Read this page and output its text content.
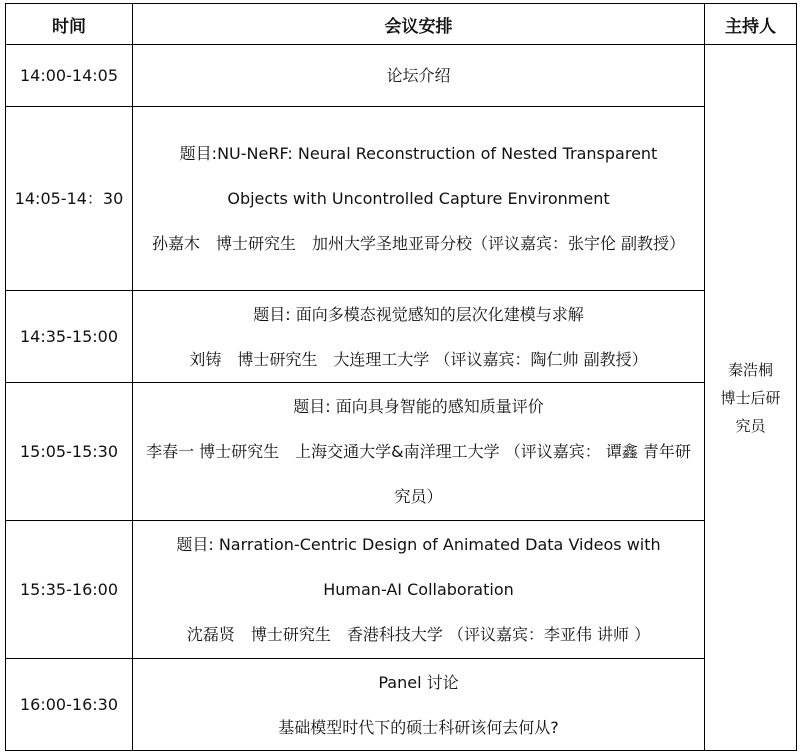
时间	会议安排	主持人
14:00-14:05	论坛介绍	秦浩桐
博士后研究员

14:05-14：30	题目:NU-NeRF: Neural Reconstruction of Nested Transparent Objects with Uncontrolled Capture Environment
孙嘉木　博士研究生　加州大学圣地亚哥分校（评议嘉宾：张宇伦 副教授）	

14:35-15:00	题目: 面向多模态视觉感知的层次化建模与求解
刘铸　博士研究生　大连理工大学 （评议嘉宾：陶仁帅 副教授）	

15:05-15:30	题目: 面向具身智能的感知质量评价
李春一 博士研究生　上海交通大学&南洋理工大学 （评议嘉宾： 谭鑫 青年研究员）	

15:35-16:00	题目: Narration-Centric Design of Animated Data Videos with Human-AI Collaboration
沈磊贤　博士研究生　香港科技大学 （评议嘉宾：李亚伟 讲师 ）	

16:00-16:30	Panel 讨论
基础模型时代下的硕士科研该何去何从?	
